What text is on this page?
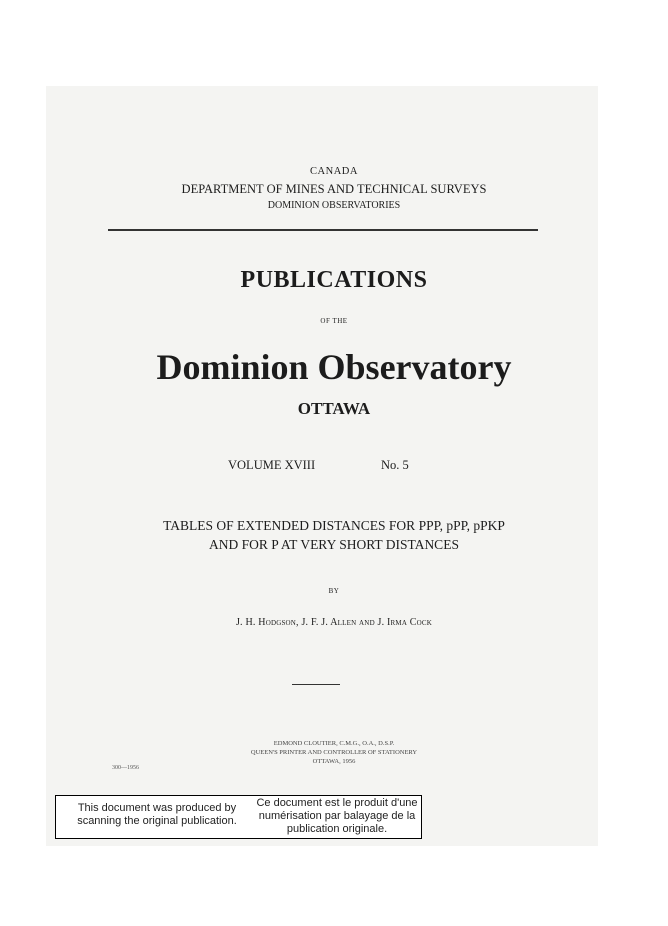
CANADA
DEPARTMENT OF MINES AND TECHNICAL SURVEYS
DOMINION OBSERVATORIES
PUBLICATIONS
OF THE
Dominion Observatory
OTTAWA
VOLUME XVIII	No. 5
TABLES OF EXTENDED DISTANCES FOR PPP, pPP, pPKP
AND FOR P AT VERY SHORT DISTANCES
BY
J. H. Hodgson, J. F. J. Allen and J. Irma Cock
EDMOND CLOUTIER, C.M.G., O.A., D.S.P.
QUEEN'S PRINTER AND CONTROLLER OF STATIONERY
OTTAWA, 1956
300—1956
This document was produced by scanning the original publication.
Ce document est le produit d'une numérisation par balayage de la publication originale.
